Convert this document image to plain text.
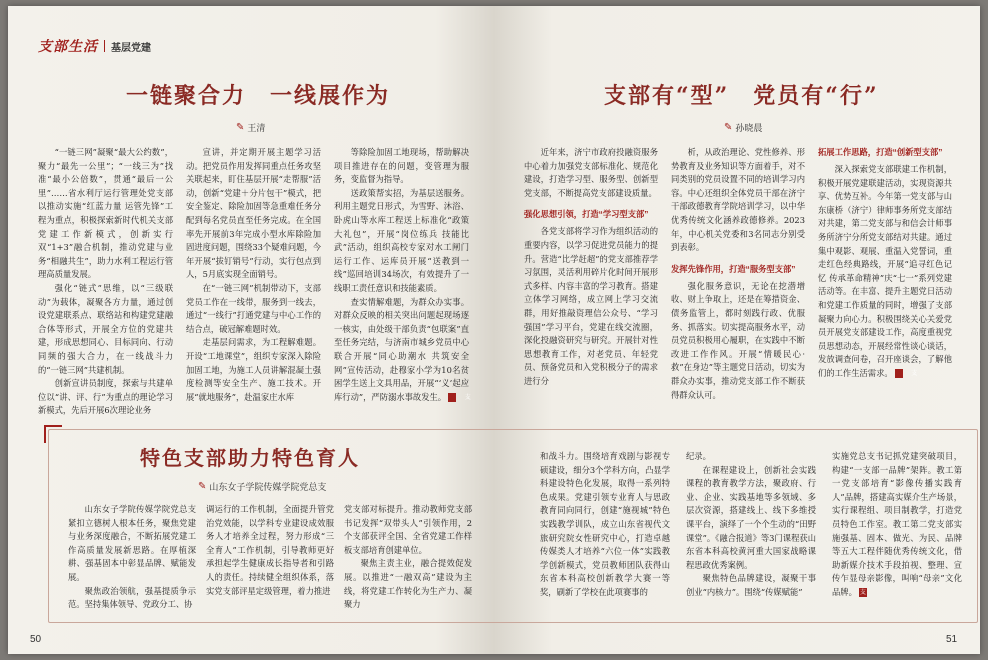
支部生活 基层党建
一链聚合力　一线展作为
✎ 王清

“一链三网”凝聚“最大公约数”，聚力“最先一公里”；“一线三为”找准“最小公倍数”，贯通“最后一公里”……省水利厅运行管理处党支部以推动实施“红蓝力量 运管先锋”工程为重点，积极探索新时代机关支部党建工作新模式，创新实行双“1+3”融合机制，推动党建与业务“相融共生”，助力水利工程运行管理高质量发展。

强化“链式”思维，以“三级联动”为载体，凝聚各方力量，通过创设党建联系点、联络站和构建党建融合体等形式，开展全方位的党建共建，形成思想同心、目标同向、行动同频的强大合力，在一线战斗力的“一链三网”共建机制。

创新宣讲员制度，探索与共建单位以“讲、评、行”为重点的理论学习新模式，先后开展6次理论业务

宣讲，并定期开展主题学习活动。把党员作用发挥同重点任务攻坚关联起来，盯住基层开展“走帮服”活动，创新“党建＋分片包干”模式，把安全鉴定、除险加固等急重难任务分配到每名党员直至任务完成。在全国率先开展前3年完成小型水库除险加固进度问题，围绕33个疑难问题，今年开展“拔钉销号”行动，实行包点到人，5月底实现全面销号。

在“一链三网”机制带动下，支部党员工作在一线带，服务到一线去，通过“一线行”打通党建与中心工作的结合点，破冠解难题时效。

走基层问需求，为工程解难题。开设“工地课堂”，组织专家深入除险加固工地，为施工人员讲解混凝土强度检测等安全生产、施工技术。开展“就地服务”，赴温家庄水库

等除险加固工地现场，帮助解决项目推进存在的问题，变管理为服务，变监督为指导。

送政策帮实招，为基层送服务。利用主题党日形式，为雪野、沐浴、卧虎山等水库工程送上标准化“政策大礼包”，开展“岗位练兵 技能比武”活动，组织高校专家对水工闸门运行工作、运库员开展“送教到一线”巡回培训34场次，有效提升了一线职工责任意识和技能素质。

查实情解难题，为群众办实事。对群众反映的相关突出问题起现场逐一核实，由处级干部负责“包联案”直至任务完结，与济南市城乡党员中心联合开展“同心助潮水 共筑安全网”宣传活动，赴穆家小学为10名贫困学生送上文具用品，开展“‘义’起应库行动”，严防溺水事故发生。	支

50
支部有“型”　党员有“行”
✎ 孙晓晨

近年来，济宁市政府投融资服务中心着力加强党支部标准化、规范化建设，打造学习型、服务型、创新型党支部，不断提高党支部建设质量。

强化思想引领，打造“学习型支部”

各党支部将学习作为组织活动的重要内容，以学习促进党员能力的提升。营造“比学赶超”的党支部推荐学习氛围，灵活利用碎片化时间开展形式多样、内容丰富的学习教育。搭建立体学习网络，成立网上学习交流群，用好推敲资理信公众号、“学习强国”学习平台，党建在线交流圈，深化投融资研究与研究。开展针对性思想教育工作，对老党员、年轻党员、预备党员和入党积极分子的需求进行分

析，从政治理论、党性修养、形势教育及业务知识等方面着手，对不同类别的党员设置不同的培训学习内容。中心还组织全体党员干部在济宁干部政德教育学院培训学习，以中华优秀传统文化涵养政德修养。2023年，中心机关党委和3名同志分别受到表彰。

发挥先锋作用，打造“服务型支部”

强化服务意识，无论在挖潜增收、财上争取上，还是在筹措资金、债务监管上，都时刻践行政、优服务、抓落实。切实提高服务水平，动员党员积极用心履职，在实践中不断改进工作作风。开展“情暖民心·救”在身边”等主题党日活动，切实为群众办实事，推动党支部工作不断获得群众认可。

拓展工作思路，打造“创新型支部”

深入探索党支部联建工作机制，积极开展党建联建活动，实现资源共享、优势互补。今年第一党支部与山东康桥（济宁）律师事务所党支部结对共建，第二党支部与和信会计师事务所济宁分所党支部结对共建。通过集中观影、观展、重温入党誓词，重走红色经典路线，开展“追寻红色记忆 传承革命精神”庆“七一”系列党建活动等。在丰富、提升主题党日活动和党建工作质量的同时，增强了支部凝聚力向心力。积极围绕关心关爱党员开展党支部建设工作，高度重视党员思想动态，开展经常性谈心谈话，发放调查问卷，召开座谈会，了解他们的工作生活需求。	支

51
特色支部助力特色育人
✎ 山东女子学院传媒学院党总支

山东女子学院传媒学院党总支紧扣立德树人根本任务，聚焦党建与业务深度融合，不断拓展党建工作高质量发展新思路。在厚植深耕、强基固本中彰显品牌、赋能发展。

聚焦政治领航，强基提质争示范。坚持集体领导、党政分工、协

调运行的工作机制，全面提升管党治党效能，以学科专业建设成效服务人才培养全过程，努力形成“三全育人”工作机制，引导教师更好承担起学生健康成长指导者和引路人的责任。持续健全组织体系，落实党支部评星定级管理，着力推进

党支部对标提升。推动教师党支部书记发挥“双带头人”引领作用，2个支部获评全国、全省党建工作样板支部培育创建单位。

聚焦主责主业，融合提效促发展。以推进“一融双高”建设为主线，将党建工作转化为生产力、凝聚力

和战斗力。围绕培育戏剧与影视专硕建设，细分3个学科方向，凸显学科建设特色化发展，取得一系列特色成果。党建引领专业育人与思政教育同向同行，创建“施视城”特色实践教学训队，成立山东省视代文旅研究院女性研究中心，打造卓越传媒类人才培养“六位一体”实践教学创新模式，党员教师团队获得山东省本科高校创新教学大赛一等奖，刷新了学校在此项赛事的

纪录。

在课程建设上，创新社会实践课程的教育教学方法，聚政府、行业、企业、实践基地等多领域、多层次资源，搭建线上、线下多维授课平台，演绎了一个个生动的“田野课堂”。《融合报道》等3门课程获山东省本科高校黄河重大国家战略课程思政优秀案例。

聚焦特色品牌建设，凝聚干事创业“内核力”。围绕“传媒赋能”

实施党总支书记抓党建突破项目，构建“一支部一品牌”架阵。教工第一党支部培育“影像传播实践育人”品牌，搭建高实媒介生产场景，实行课程组、项目制教学，打造党员特色工作室。教工第二党支部实施强基、固本、做光、为民、品牌等五大工程伴随优秀传统文化，借助新媒介技术手段拍视、整理、宣传乍显母亲影像，叫响“母亲”文化品牌。 支
